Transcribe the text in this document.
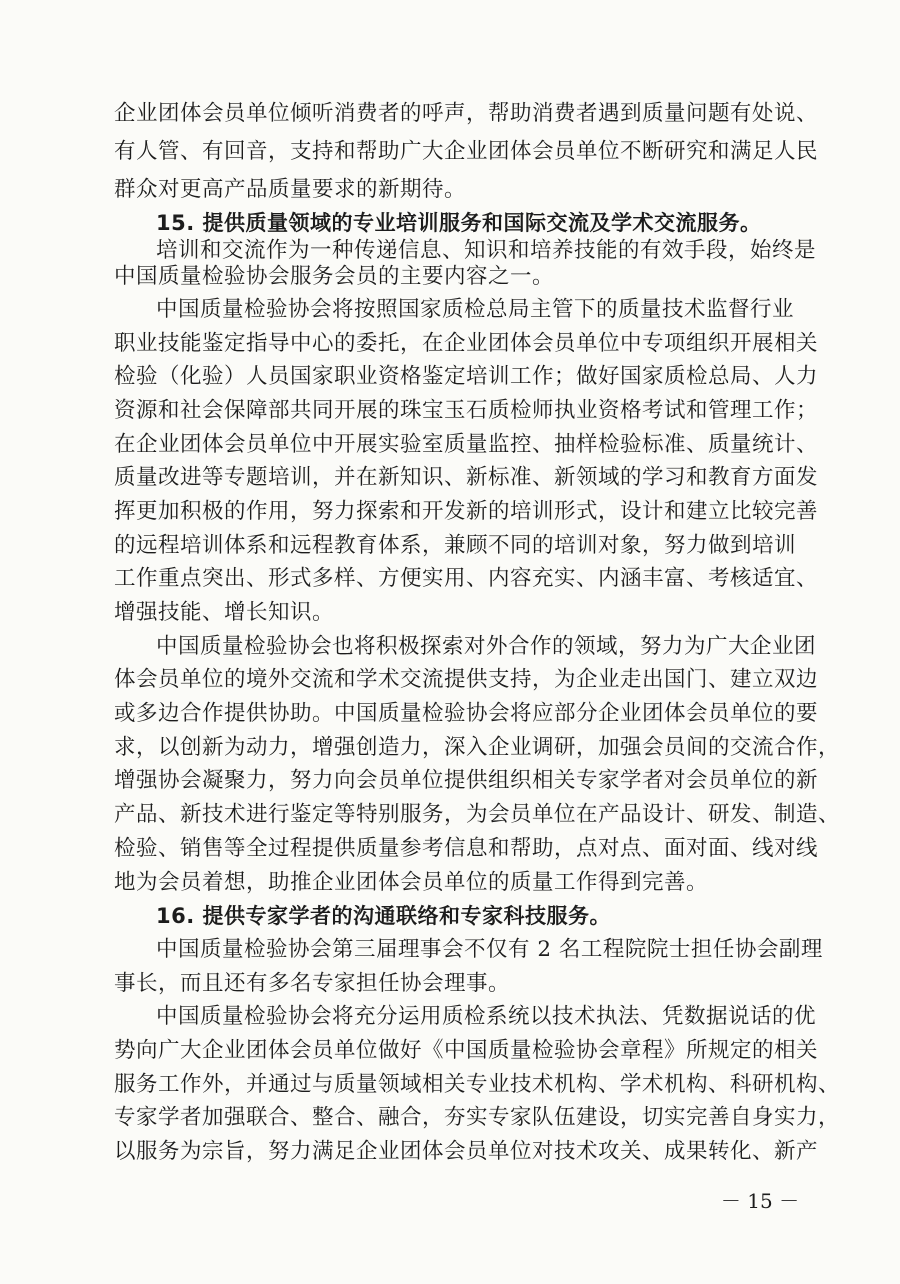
－ 15 －
企业团体会员单位倾听消费者的呼声，帮助消费者遇到质量问题有处说、
有人管、有回音，支持和帮助广大企业团体会员单位不断研究和满足人民
群众对更高产品质量要求的新期待。
15. 提供质量领域的专业培训服务和国际交流及学术交流服务。
培训和交流作为一种传递信息、知识和培养技能的有效手段，始终是
中国质量检验协会服务会员的主要内容之一。
中国质量检验协会将按照国家质检总局主管下的质量技术监督行业
职业技能鉴定指导中心的委托，在企业团体会员单位中专项组织开展相关
检验（化验）人员国家职业资格鉴定培训工作；做好国家质检总局、人力
资源和社会保障部共同开展的珠宝玉石质检师执业资格考试和管理工作；
在企业团体会员单位中开展实验室质量监控、抽样检验标准、质量统计、
质量改进等专题培训，并在新知识、新标准、新领域的学习和教育方面发
挥更加积极的作用，努力探索和开发新的培训形式，设计和建立比较完善
的远程培训体系和远程教育体系，兼顾不同的培训对象，努力做到培训
工作重点突出、形式多样、方便实用、内容充实、内涵丰富、考核适宜、
增强技能、增长知识。
中国质量检验协会也将积极探索对外合作的领域，努力为广大企业团
体会员单位的境外交流和学术交流提供支持，为企业走出国门、建立双边
或多边合作提供协助。中国质量检验协会将应部分企业团体会员单位的要
求，以创新为动力，增强创造力，深入企业调研，加强会员间的交流合作，
增强协会凝聚力，努力向会员单位提供组织相关专家学者对会员单位的新
产品、新技术进行鉴定等特别服务，为会员单位在产品设计、研发、制造、
检验、销售等全过程提供质量参考信息和帮助，点对点、面对面、线对线
地为会员着想，助推企业团体会员单位的质量工作得到完善。
16. 提供专家学者的沟通联络和专家科技服务。
中国质量检验协会第三届理事会不仅有 2 名工程院院士担任协会副理
事长，而且还有多名专家担任协会理事。
中国质量检验协会将充分运用质检系统以技术执法、凭数据说话的优
势向广大企业团体会员单位做好《中国质量检验协会章程》所规定的相关
服务工作外，并通过与质量领域相关专业技术机构、学术机构、科研机构、
专家学者加强联合、整合、融合，夯实专家队伍建设，切实完善自身实力，
以服务为宗旨，努力满足企业团体会员单位对技术攻关、成果转化、新产
